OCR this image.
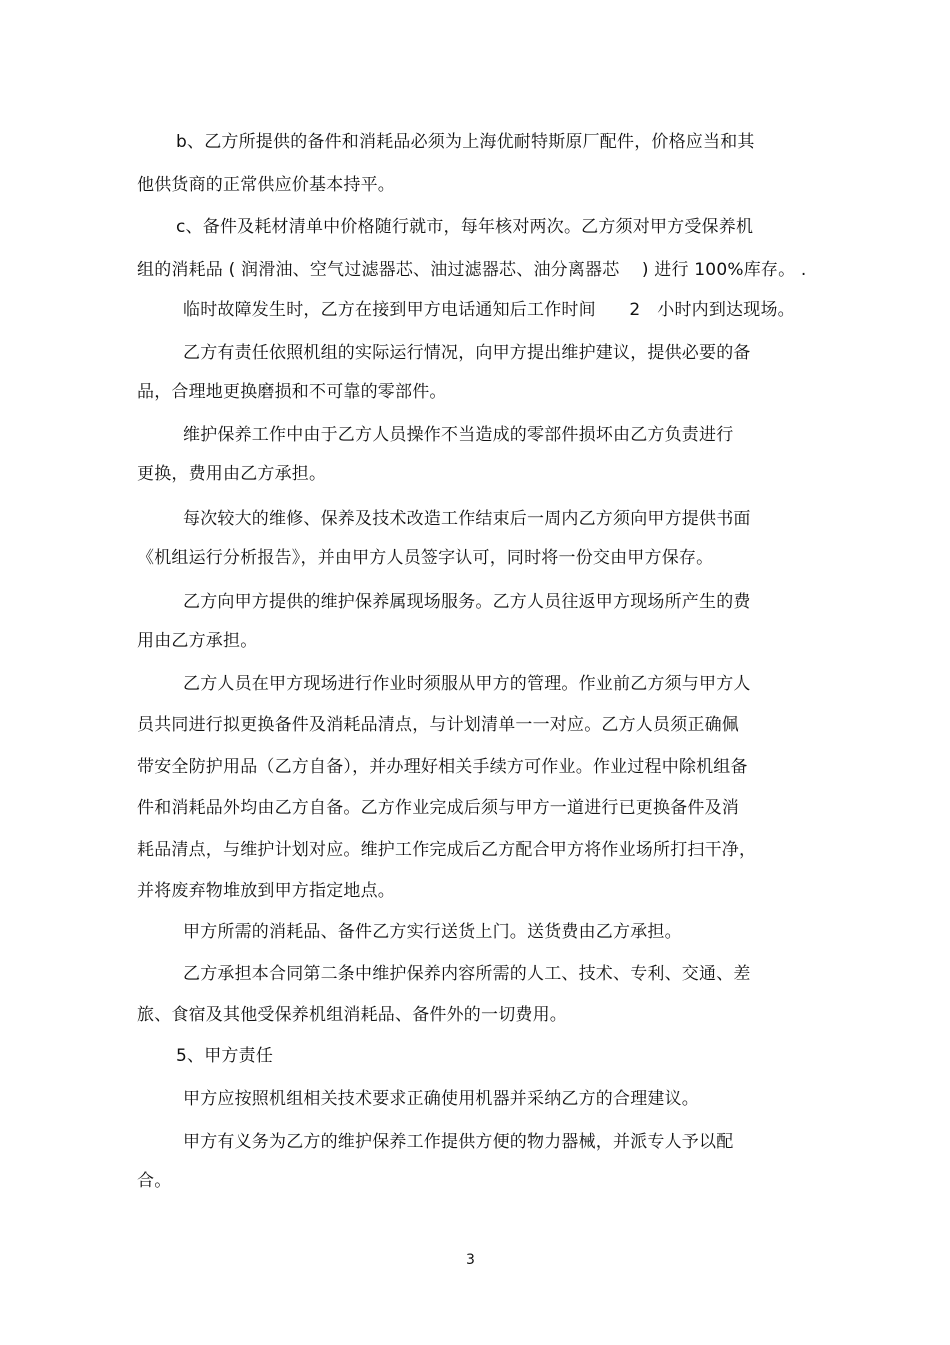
b、乙方所提供的备件和消耗品必须为上海优耐特斯原厂配件，价格应当和其
他供货商的正常供应价基本持平。
c、备件及耗材清单中价格随行就市，每年核对两次。乙方须对甲方受保养机
组的消耗品 ( 润滑油、空气过滤器芯、油过滤器芯、油分离器芯    ) 进行 100%库存。 .
临时故障发生时，乙方在接到甲方电话通知后工作时间      2   小时内到达现场。
乙方有责任依照机组的实际运行情况，向甲方提出维护建议，提供必要的备
品，合理地更换磨损和不可靠的零部件。
维护保养工作中由于乙方人员操作不当造成的零部件损坏由乙方负责进行
更换，费用由乙方承担。
每次较大的维修、保养及技术改造工作结束后一周内乙方须向甲方提供书面
《机组运行分析报告》，并由甲方人员签字认可，同时将一份交由甲方保存。
乙方向甲方提供的维护保养属现场服务。乙方人员往返甲方现场所产生的费
用由乙方承担。
乙方人员在甲方现场进行作业时须服从甲方的管理。作业前乙方须与甲方人
员共同进行拟更换备件及消耗品清点，与计划清单一一对应。乙方人员须正确佩
带安全防护用品（乙方自备），并办理好相关手续方可作业。作业过程中除机组备
件和消耗品外均由乙方自备。乙方作业完成后须与甲方一道进行已更换备件及消
耗品清点，与维护计划对应。维护工作完成后乙方配合甲方将作业场所打扫干净，
并将废弃物堆放到甲方指定地点。
甲方所需的消耗品、备件乙方实行送货上门。送货费由乙方承担。
乙方承担本合同第二条中维护保养内容所需的人工、技术、专利、交通、差
旅、食宿及其他受保养机组消耗品、备件外的一切费用。
5、甲方责任
甲方应按照机组相关技术要求正确使用机器并采纳乙方的合理建议。
甲方有义务为乙方的维护保养工作提供方便的物力器械，并派专人予以配
合。
3
